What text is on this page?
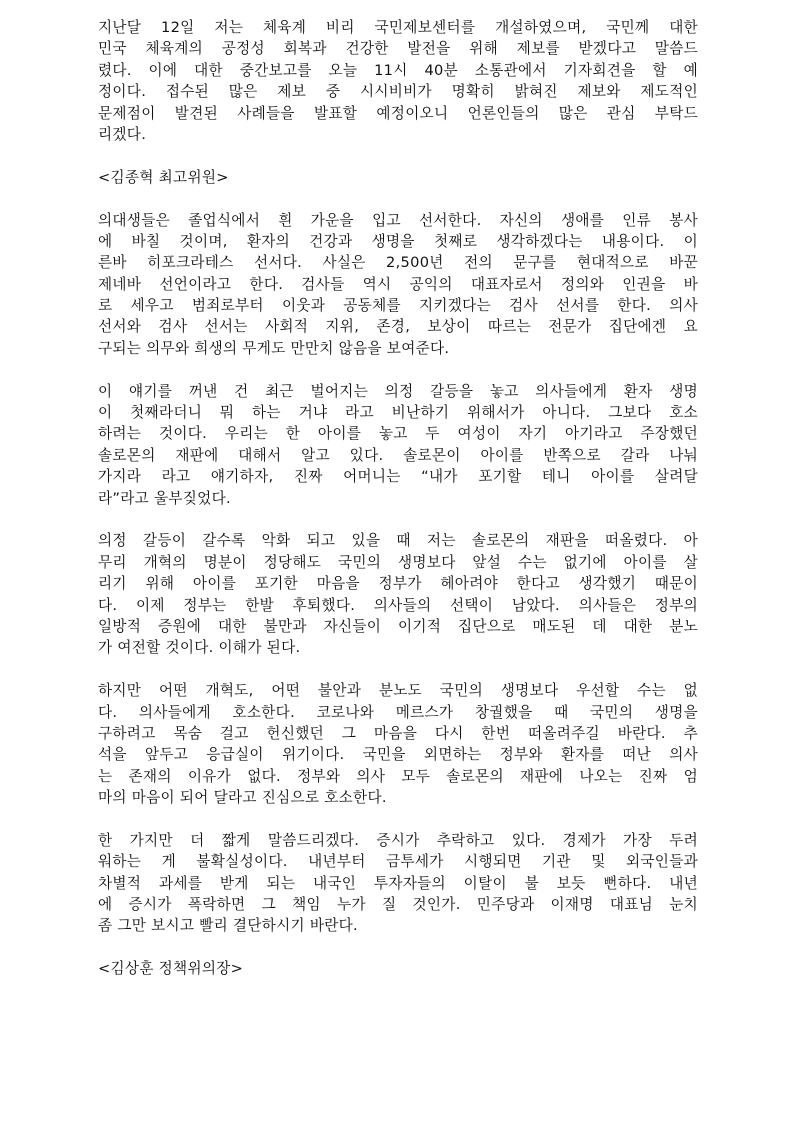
지난달 12일 저는 체육계 비리 국민제보센터를 개설하였으며, 국민께 대한
민국 체육계의 공정성 회복과 건강한 발전을 위해 제보를 받겠다고 말씀드
렸다. 이에 대한 중간보고를 오늘 11시 40분 소통관에서 기자회견을 할 예
정이다. 접수된 많은 제보 중 시시비비가 명확히 밝혀진 제보와 제도적인
문제점이 발견된 사례들을 발표할 예정이오니 언론인들의 많은 관심 부탁드
리겠다.
<김종혁 최고위원>
의대생들은 졸업식에서 흰 가운을 입고 선서한다. 자신의 생애를 인류 봉사
에 바칠 것이며, 환자의 건강과 생명을 첫째로 생각하겠다는 내용이다. 이
른바 히포크라테스 선서다. 사실은 2,500년 전의 문구를 현대적으로 바꾼
제네바 선언이라고 한다. 검사들 역시 공익의 대표자로서 정의와 인권을 바
로 세우고 범죄로부터 이웃과 공동체를 지키겠다는 검사 선서를 한다. 의사
선서와 검사 선서는 사회적 지위, 존경, 보상이 따르는 전문가 집단에겐 요
구되는 의무와 희생의 무게도 만만치 않음을 보여준다.
이 얘기를 꺼낸 건 최근 벌어지는 의정 갈등을 놓고 의사들에게 환자 생명
이 첫째라더니 뭐 하는 거냐 라고 비난하기 위해서가 아니다. 그보다 호소
하려는 것이다. 우리는 한 아이를 놓고 두 여성이 자기 아기라고 주장했던
솔로몬의 재판에 대해서 알고 있다. 솔로몬이 아이를 반쪽으로 갈라 나눠
가지라 라고 얘기하자, 진짜 어머니는 “내가 포기할 테니 아이를 살려달
라”라고 울부짖었다.
의정 갈등이 갈수록 악화 되고 있을 때 저는 솔로몬의 재판을 떠올렸다. 아
무리 개혁의 명분이 정당해도 국민의 생명보다 앞설 수는 없기에 아이를 살
리기 위해 아이를 포기한 마음을 정부가 헤아려야 한다고 생각했기 때문이
다. 이제 정부는 한발 후퇴했다. 의사들의 선택이 남았다. 의사들은 정부의
일방적 증원에 대한 불만과 자신들이 이기적 집단으로 매도된 데 대한 분노
가 여전할 것이다. 이해가 된다.
하지만 어떤 개혁도, 어떤 불안과 분노도 국민의 생명보다 우선할 수는 없
다. 의사들에게 호소한다. 코로나와 메르스가 창궐했을 때 국민의 생명을
구하려고 목숨 걸고 헌신했던 그 마음을 다시 한번 떠올려주길 바란다. 추
석을 앞두고 응급실이 위기이다. 국민을 외면하는 정부와 환자를 떠난 의사
는 존재의 이유가 없다. 정부와 의사 모두 솔로몬의 재판에 나오는 진짜 엄
마의 마음이 되어 달라고 진심으로 호소한다.
한 가지만 더 짧게 말씀드리겠다. 증시가 추락하고 있다. 경제가 가장 두려
워하는 게 불확실성이다. 내년부터 금투세가 시행되면 기관 및 외국인들과
차별적 과세를 받게 되는 내국인 투자자들의 이탈이 불 보듯 뻔하다. 내년
에 증시가 폭락하면 그 책임 누가 질 것인가. 민주당과 이재명 대표님 눈치
좀 그만 보시고 빨리 결단하시기 바란다.
<김상훈 정책위의장>
